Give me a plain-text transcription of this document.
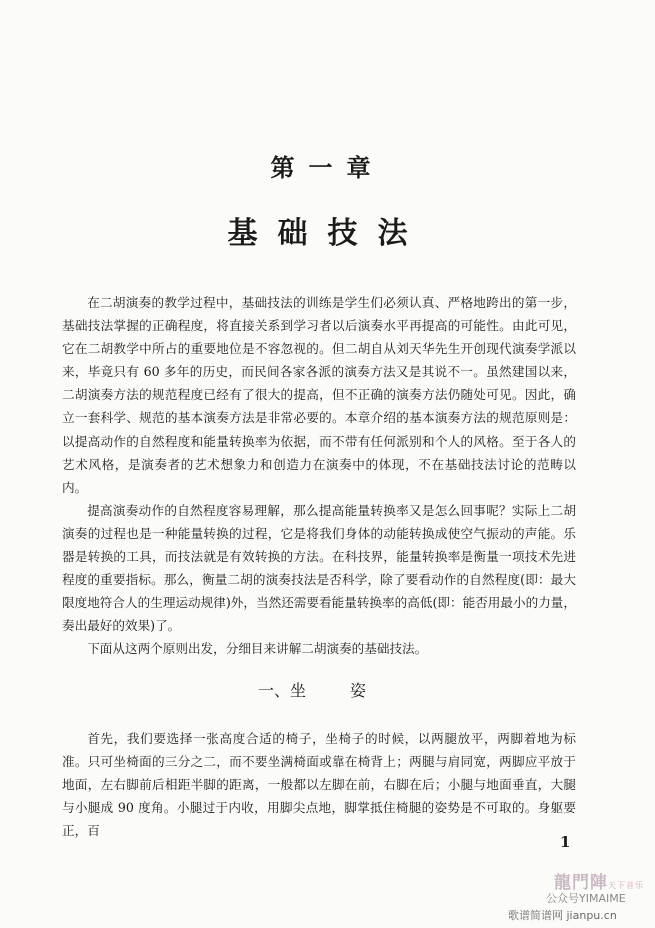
第一章
基础技法

在二胡演奏的教学过程中，基础技法的训练是学生们必须认真、严格地跨出的第一步，基础技法掌握的正确程度，将直接关系到学习者以后演奏水平再提高的可能性。由此可见，它在二胡教学中所占的重要地位是不容忽视的。但二胡自从刘天华先生开创现代演奏学派以来，毕竟只有 60 多年的历史，而民间各家各派的演奏方法又是其说不一。虽然建国以来，二胡演奏方法的规范程度已经有了很大的提高，但不正确的演奏方法仍随处可见。因此，确立一套科学、规范的基本演奏方法是非常必要的。本章介绍的基本演奏方法的规范原则是：以提高动作的自然程度和能量转换率为依据，而不带有任何派别和个人的风格。至于各人的艺术风格，是演奏者的艺术想象力和创造力在演奏中的体现，不在基础技法讨论的范畴以内。

提高演奏动作的自然程度容易理解，那么提高能量转换率又是怎么回事呢？实际上二胡演奏的过程也是一种能量转换的过程，它是将我们身体的动能转换成使空气振动的声能。乐器是转换的工具，而技法就是有效转换的方法。在科技界，能量转换率是衡量一项技术先进程度的重要指标。那么，衡量二胡的演奏技法是否科学，除了要看动作的自然程度(即：最大限度地符合人的生理运动规律)外，当然还需要看能量转换率的高低(即：能否用最小的力量，奏出最好的效果)了。

下面从这两个原则出发，分细目来讲解二胡演奏的基础技法。

一、坐	姿

首先，我们要选择一张高度合适的椅子，坐椅子的时候，以两腿放平，两脚着地为标准。只可坐椅面的三分之二，而不要坐满椅面或靠在椅背上；两腿与肩同宽，两脚应平放于地面，左右脚前后相距半脚的距离，一般都以左脚在前，右脚在后；小腿与地面垂直，大腿与小腿成 90 度角。小腿过于内收，用脚尖点地，脚掌抵住椅腿的姿势是不可取的。身躯要正，百

1
龍門陣天下音乐
公众号YIMAIME
歌谱简谱网 jianpu.cn
